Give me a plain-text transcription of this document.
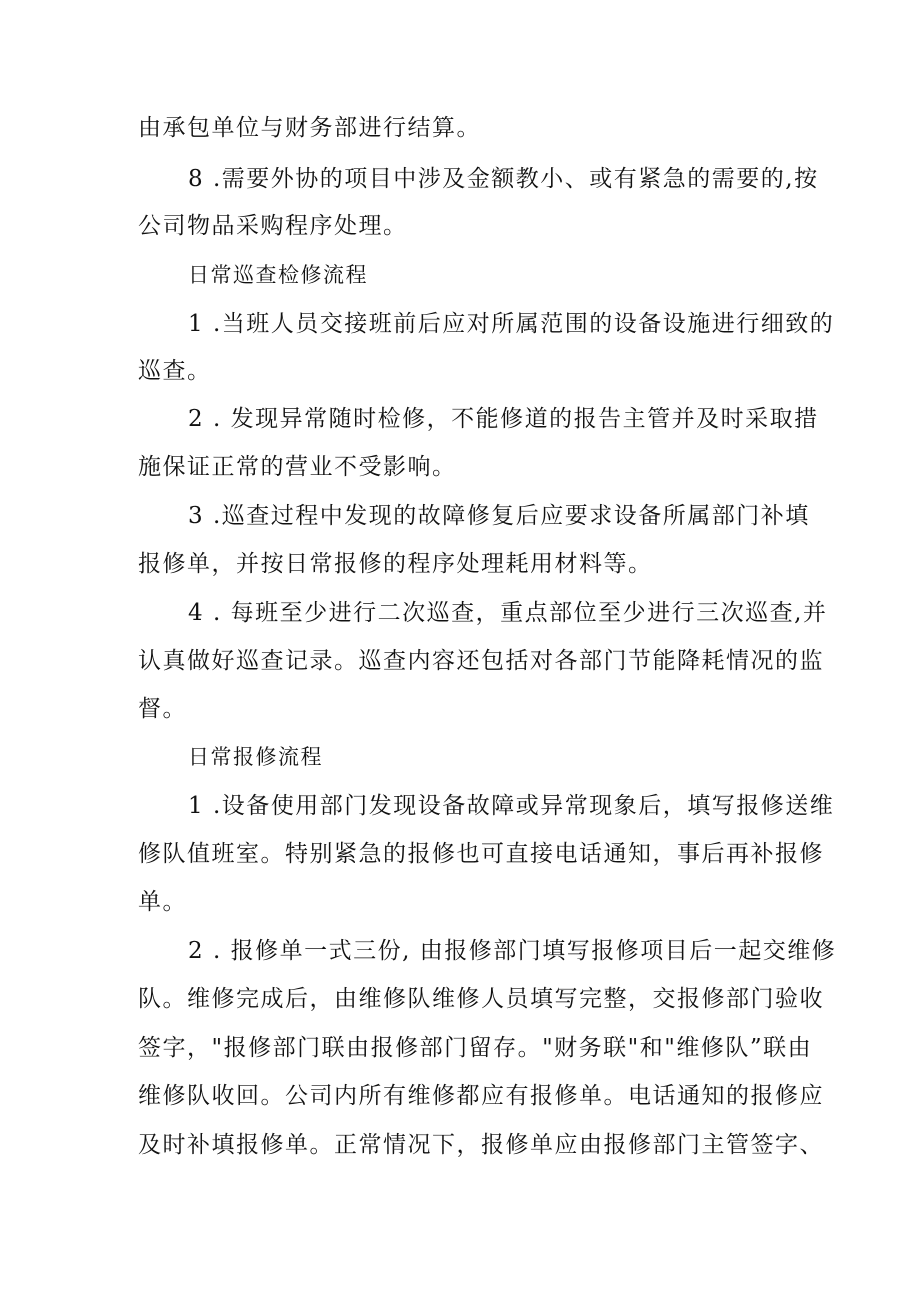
由承包单位与财务部进行结算。
8 .需要外协的项目中涉及金额教小、或有紧急的需要的,按
公司物品采购程序处理。
日常巡查检修流程
1 .当班人员交接班前后应对所属范围的设备设施进行细致的
巡查。
2 . 发现异常随时检修，不能修道的报告主管并及时采取措
施保证正常的营业不受影响。
3 .巡查过程中发现的故障修复后应要求设备所属部门补填
报修单，并按日常报修的程序处理耗用材料等。
4 . 每班至少进行二次巡查，重点部位至少进行三次巡查,并
认真做好巡查记录。巡查内容还包括对各部门节能降耗情况的监
督。
日常报修流程
1 .设备使用部门发现设备故障或异常现象后，填写报修送维
修队值班室。特别紧急的报修也可直接电话通知，事后再补报修
单。
2 . 报修单一式三份, 由报修部门填写报修项目后一起交维修
队。维修完成后，由维修队维修人员填写完整，交报修部门验收
签字，"报修部门联由报修部门留存。"财务联"和"维修队”联由
维修队收回。公司内所有维修都应有报修单。电话通知的报修应
及时补填报修单。正常情况下，报修单应由报修部门主管签字、
